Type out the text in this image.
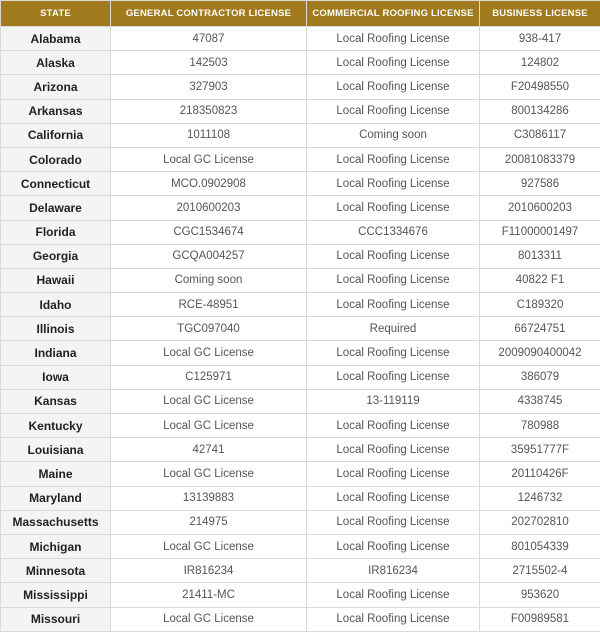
STATE	GENERAL CONTRACTOR LICENSE	COMMERCIAL ROOFING LICENSE	BUSINESS LICENSE
Alabama	47087	Local Roofing License	938-417
Alaska	142503	Local Roofing License	124802
Arizona	327903	Local Roofing License	F20498550
Arkansas	218350823	Local Roofing License	800134286
California	1011108	Coming soon	C3086117
Colorado	Local GC License	Local Roofing License	20081083379
Connecticut	MCO.0902908	Local Roofing License	927586
Delaware	2010600203	Local Roofing License	2010600203
Florida	CGC1534674	CCC1334676	F11000001497
Georgia	GCQA004257	Local Roofing License	8013311
Hawaii	Coming soon	Local Roofing License	40822 F1
Idaho	RCE-48951	Local Roofing License	C189320
Illinois	TGC097040	Required	66724751
Indiana	Local GC License	Local Roofing License	2009090400042
Iowa	C125971	Local Roofing License	386079
Kansas	Local GC License	13-119119	4338745
Kentucky	Local GC License	Local Roofing License	780988
Louisiana	42741	Local Roofing License	35951777F
Maine	Local GC License	Local Roofing License	20110426F
Maryland	13139883	Local Roofing License	1246732
Massachusetts	214975	Local Roofing License	202702810
Michigan	Local GC License	Local Roofing License	801054339
Minnesota	IR816234	IR816234	2715502-4
Mississippi	21411-MC	Local Roofing License	953620
Missouri	Local GC License	Local Roofing License	F00989581
